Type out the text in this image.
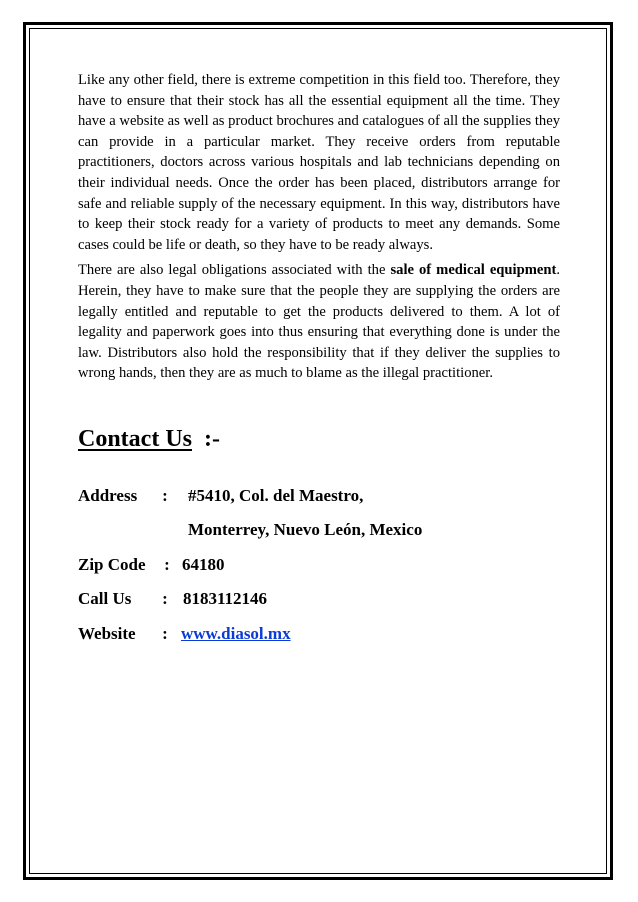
Like any other field, there is extreme competition in this field too. Therefore, they have to ensure that their stock has all the essential equipment all the time. They have a website as well as product brochures and catalogues of all the supplies they can provide in a particular market. They receive orders from reputable practitioners, doctors across various hospitals and lab technicians depending on their individual needs. Once the order has been placed, distributors arrange for safe and reliable supply of the necessary equipment. In this way, distributors have to keep their stock ready for a variety of products to meet any demands. Some cases could be life or death, so they have to be ready always.

There are also legal obligations associated with the sale of medical equipment. Herein, they have to make sure that the people they are supplying the orders are legally entitled and reputable to get the products delivered to them. A lot of legality and paperwork goes into thus ensuring that everything done is under the law. Distributors also hold the responsibility that if they deliver the supplies to wrong hands, then they are as much to blame as the illegal practitioner.

Contact Us :-
Address	:	#5410, Col. del Maestro,
Monterrey, Nuevo León, Mexico
Zip Code	: 64180
Call Us	: 8183112146
Website	: www.diasol.mx
